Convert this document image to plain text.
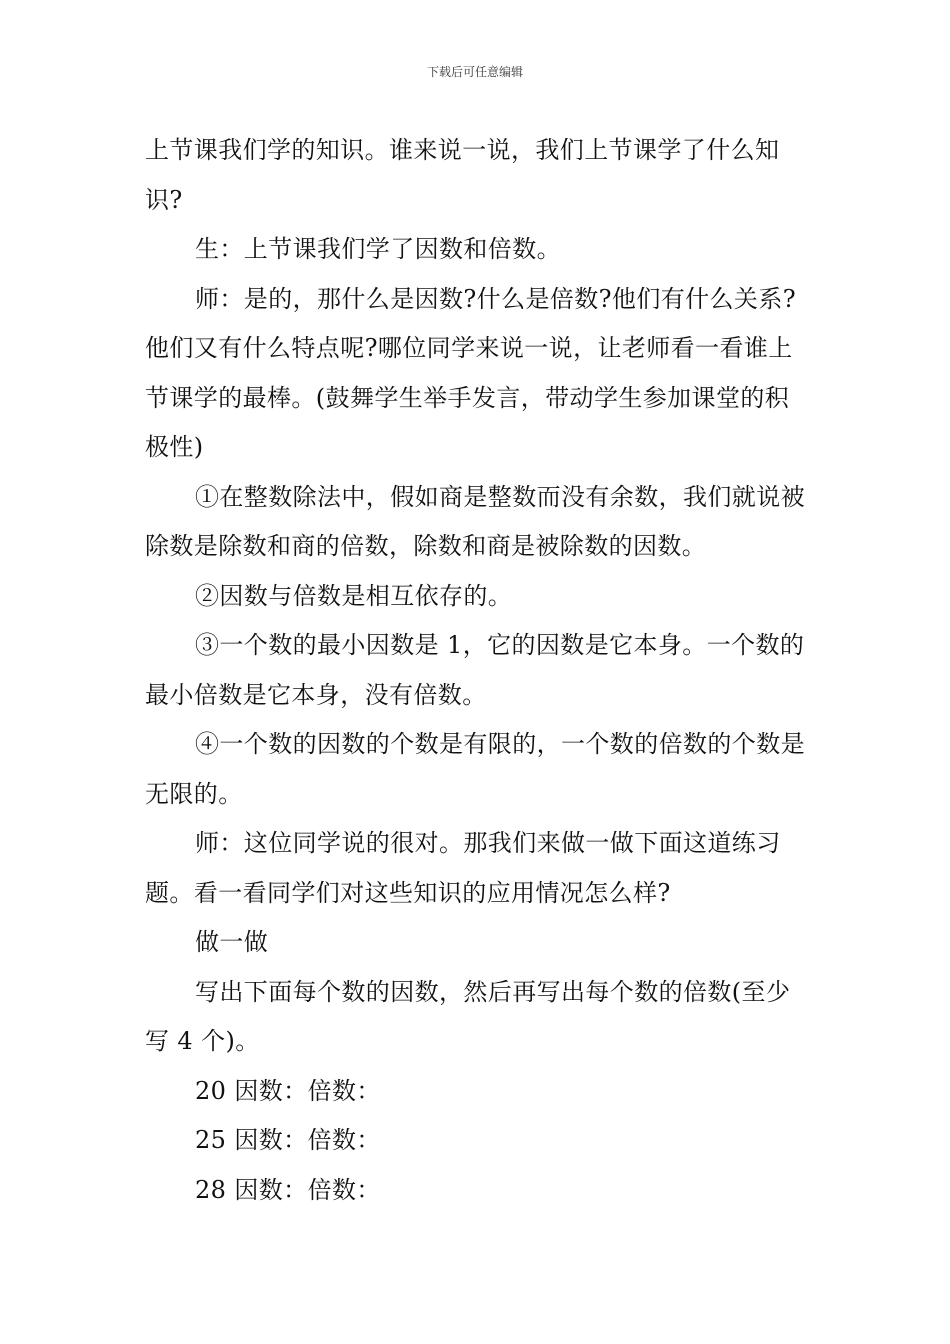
下载后可任意编辑

上节课我们学的知识。谁来说一说，我们上节课学了什么知识?

生：上节课我们学了因数和倍数。

师：是的，那什么是因数?什么是倍数?他们有什么关系?他们又有什么特点呢?哪位同学来说一说，让老师看一看谁上节课学的最棒。(鼓舞学生举手发言，带动学生参加课堂的积极性)

①在整数除法中，假如商是整数而没有余数，我们就说被除数是除数和商的倍数，除数和商是被除数的因数。

②因数与倍数是相互依存的。

③一个数的最小因数是 1，它的因数是它本身。一个数的最小倍数是它本身，没有倍数。

④一个数的因数的个数是有限的，一个数的倍数的个数是无限的。

师：这位同学说的很对。那我们来做一做下面这道练习题。看一看同学们对这些知识的应用情况怎么样?

做一做

写出下面每个数的因数，然后再写出每个数的倍数(至少写 4 个)。

20 因数：倍数：

25 因数：倍数：

28 因数：倍数：
